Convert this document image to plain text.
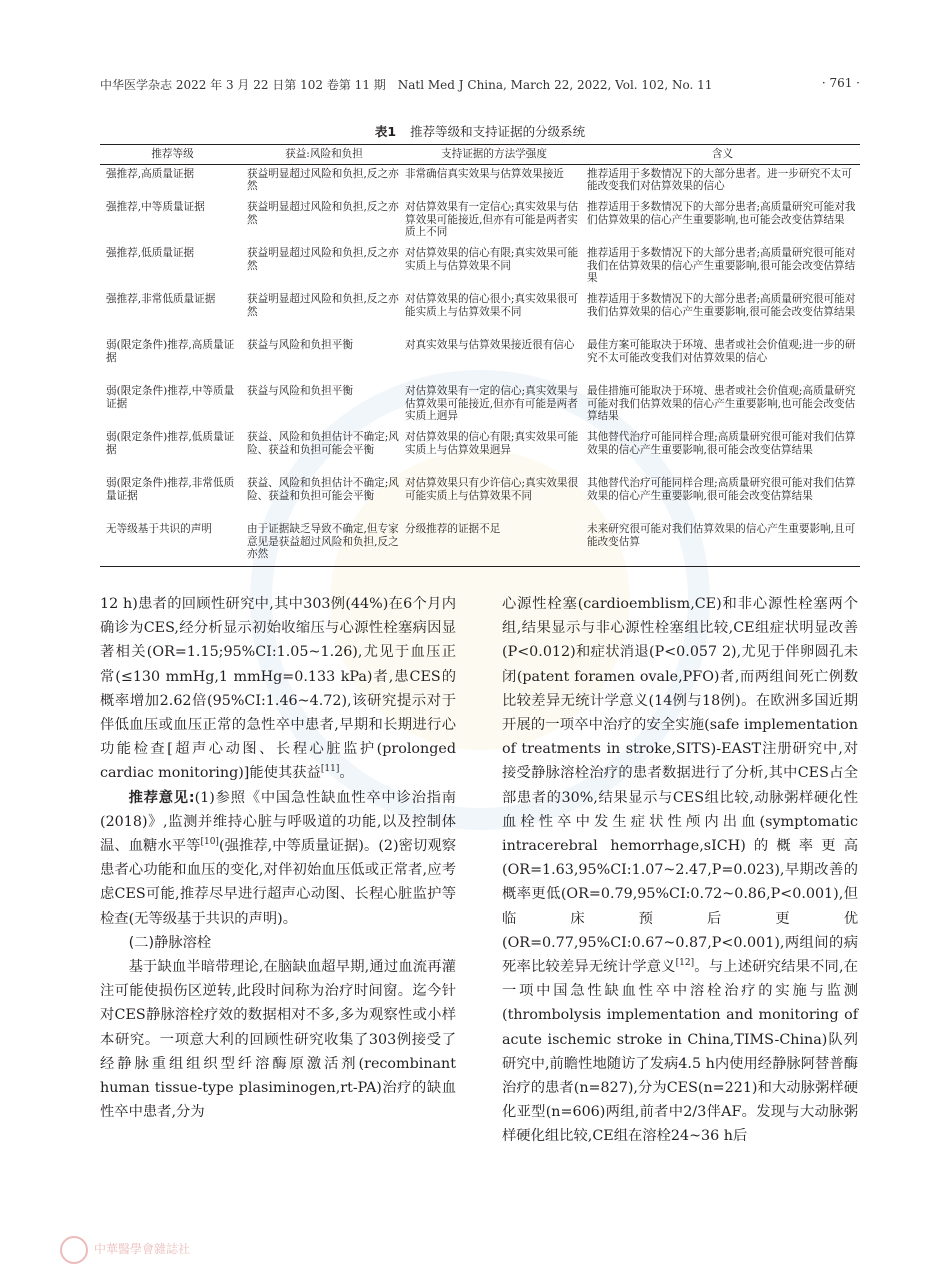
中华医学杂志 2022 年 3 月 22 日第 102 卷第 11 期　Natl Med J China, March 22, 2022, Vol. 102, No. 11	· 761 ·
表1 推荐等级和支持证据的分级系统
推荐等级	获益:风险和负担	支持证据的方法学强度	含义
强推荐,高质量证据	获益明显超过风险和负担,反之亦然	非常确信真实效果与估算效果接近	推荐适用于多数情况下的大部分患者。进一步研究不太可能改变我们对估算效果的信心
强推荐,中等质量证据	获益明显超过风险和负担,反之亦然	对估算效果有一定信心;真实效果与估算效果可能接近,但亦有可能是两者实质上不同	推荐适用于多数情况下的大部分患者;高质量研究可能对我们估算效果的信心产生重要影响,也可能会改变估算结果
强推荐,低质量证据	获益明显超过风险和负担,反之亦然	对估算效果的信心有限;真实效果可能实质上与估算效果不同	推荐适用于多数情况下的大部分患者;高质量研究很可能对我们在估算效果的信心产生重要影响,很可能会改变估算结果
强推荐,非常低质量证据	获益明显超过风险和负担,反之亦然	对估算效果的信心很小;真实效果很可能实质上与估算效果不同	推荐适用于多数情况下的大部分患者;高质量研究很可能对我们估算效果的信心产生重要影响,很可能会改变估算结果
弱(限定条件)推荐,高质量证据	获益与风险和负担平衡	对真实效果与估算效果接近很有信心	最佳方案可能取决于环境、患者或社会价值观;进一步的研究不太可能改变我们对估算效果的信心
弱(限定条件)推荐,中等质量证据	获益与风险和负担平衡	对估算效果有一定的信心;真实效果与估算效果可能接近,但亦有可能是两者实质上迥异	最佳措施可能取决于环境、患者或社会价值观;高质量研究可能对我们估算效果的信心产生重要影响,也可能会改变估算结果
弱(限定条件)推荐,低质量证据	获益、风险和负担估计不确定;风险、获益和负担可能会平衡	对估算效果的信心有限;真实效果可能实质上与估算效果迥异	其他替代治疗可能同样合理;高质量研究很可能对我们估算效果的信心产生重要影响,很可能会改变估算结果
弱(限定条件)推荐,非常低质量证据	获益、风险和负担估计不确定;风险、获益和负担可能会平衡	对估算效果只有少许信心;真实效果很可能实质上与估算效果不同	其他替代治疗可能同样合理;高质量研究很可能对我们估算效果的信心产生重要影响,很可能会改变估算结果
无等级基于共识的声明	由于证据缺乏导致不确定,但专家意见是获益超过风险和负担,反之亦然	分级推荐的证据不足	未来研究很可能对我们估算效果的信心产生重要影响,且可能改变估算

12 h)患者的回顾性研究中,其中303例(44%)在6个月内确诊为CES,经分析显示初始收缩压与心源性栓塞病因显著相关(OR=1.15;95%CI:1.05~1.26),尤见于血压正常(≤130 mmHg,1 mmHg=0.133 kPa)者,患CES的概率增加2.62倍(95%CI:1.46~4.72),该研究提示对于伴低血压或血压正常的急性卒中患者,早期和长期进行心功能检查[超声心动图、长程心脏监护(prolonged cardiac monitoring)]能使其获益[11]。

推荐意见:(1)参照《中国急性缺血性卒中诊治指南(2018)》,监测并维持心脏与呼吸道的功能,以及控制体温、血糖水平等[10](强推荐,中等质量证据)。(2)密切观察患者心功能和血压的变化,对伴初始血压低或正常者,应考虑CES可能,推荐尽早进行超声心动图、长程心脏监护等检查(无等级基于共识的声明)。

(二)静脉溶栓

基于缺血半暗带理论,在脑缺血超早期,通过血流再灌注可能使损伤区逆转,此段时间称为治疗时间窗。迄今针对CES静脉溶栓疗效的数据相对不多,多为观察性或小样本研究。一项意大利的回顾性研究收集了303例接受了经静脉重组组织型纤溶酶原激活剂(recombinant human tissue-type plasiminogen,rt-PA)治疗的缺血性卒中患者,分为

心源性栓塞(cardioemblism,CE)和非心源性栓塞两个组,结果显示与非心源性栓塞组比较,CE组症状明显改善(P<0.012)和症状消退(P<0.057 2),尤见于伴卵圆孔未闭(patent foramen ovale,PFO)者,而两组间死亡例数比较差异无统计学意义(14例与18例)。在欧洲多国近期开展的一项卒中治疗的安全实施(safe implementation of treatments in stroke,SITS)-EAST注册研究中,对接受静脉溶栓治疗的患者数据进行了分析,其中CES占全部患者的30%,结果显示与CES组比较,动脉粥样硬化性血栓性卒中发生症状性颅内出血(symptomatic intracerebral hemorrhage,sICH)的概率更高(OR=1.63,95%CI:1.07~2.47,P=0.023),早期改善的概率更低(OR=0.79,95%CI:0.72~0.86,P<0.001),但临床预后更优(OR=0.77,95%CI:0.67~0.87,P<0.001),两组间的病死率比较差异无统计学意义[12]。与上述研究结果不同,在一项中国急性缺血性卒中溶栓治疗的实施与监测(thrombolysis implementation and monitoring of acute ischemic stroke in China,TIMS-China)队列研究中,前瞻性地随访了发病4.5 h内使用经静脉阿替普酶治疗的患者(n=827),分为CES(n=221)和大动脉粥样硬化亚型(n=606)两组,前者中2/3伴AF。发现与大动脉粥样硬化组比较,CE组在溶栓24~36 h后

中華醫學會雜誌社
